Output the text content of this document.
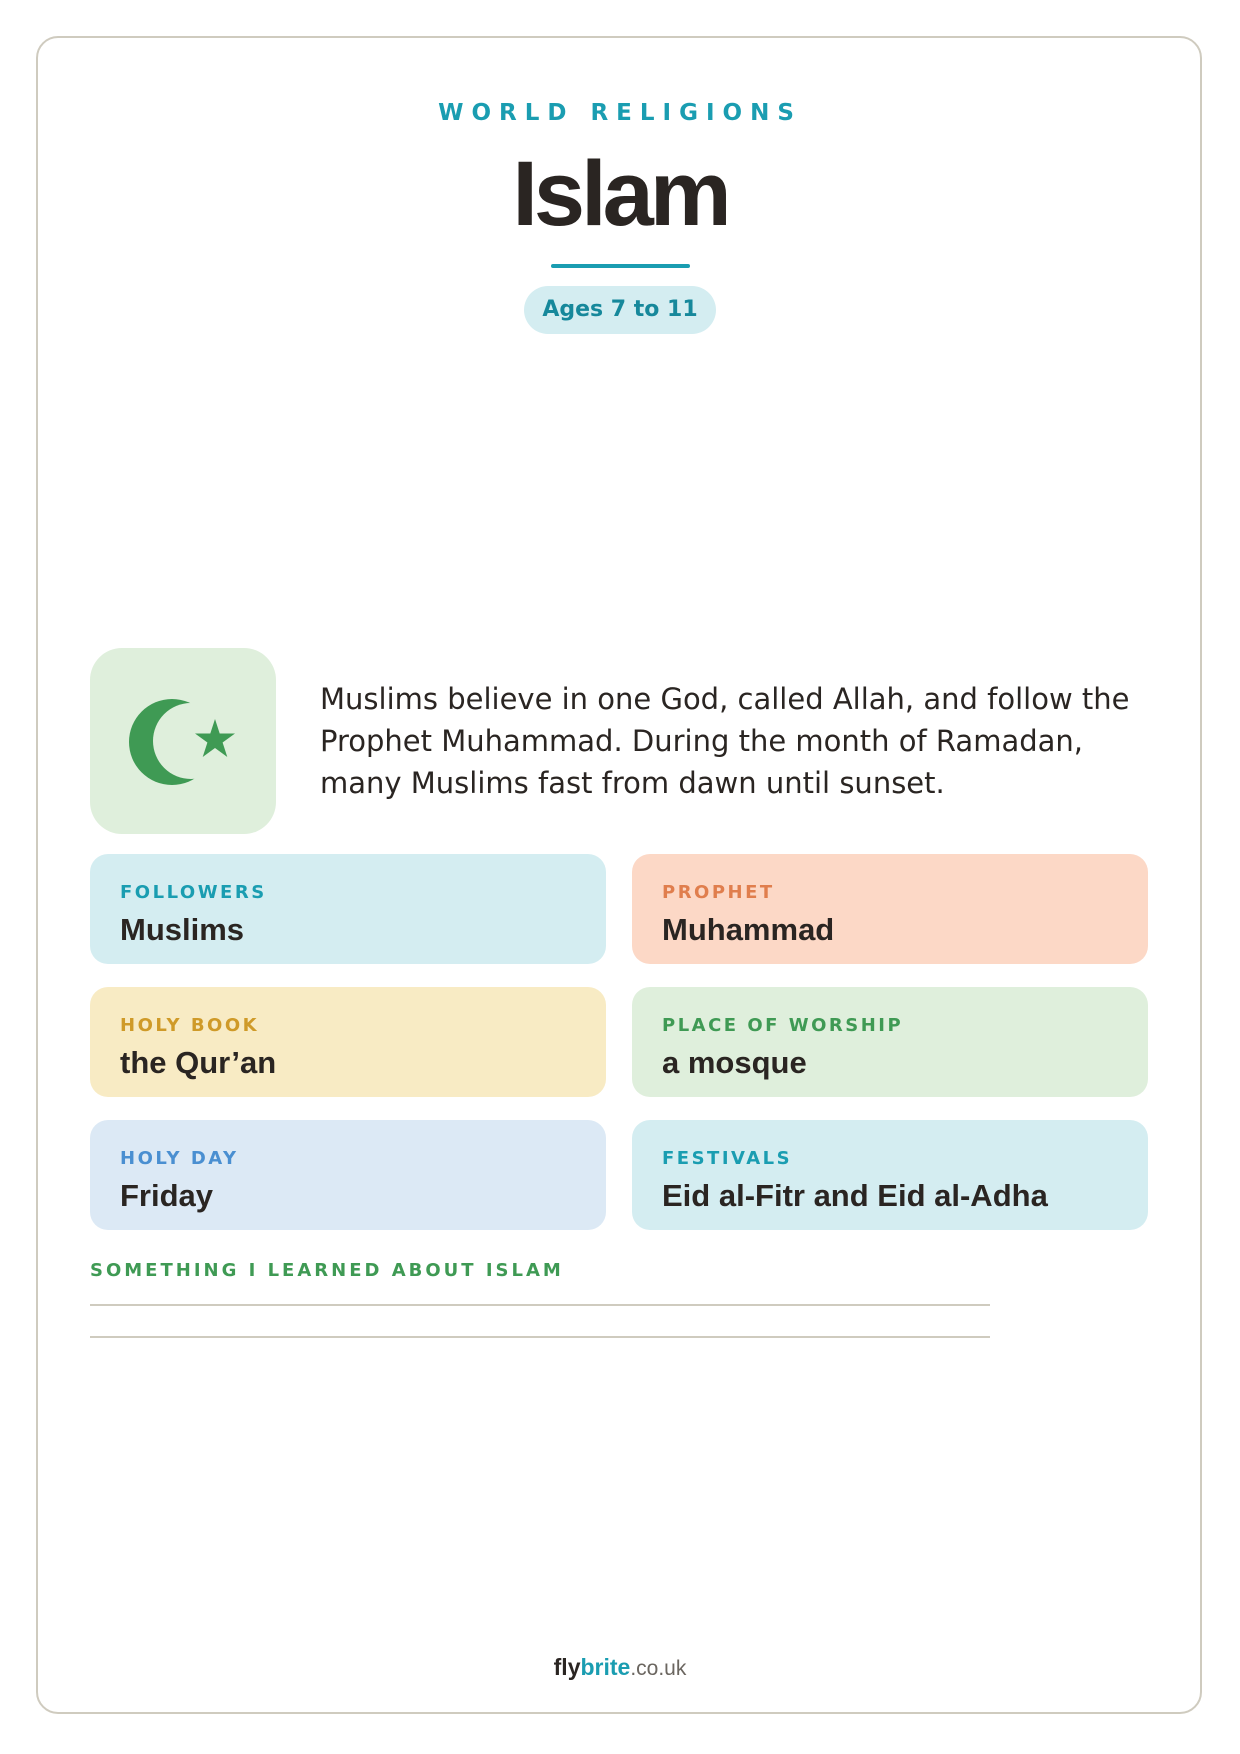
WORLD RELIGIONS
Islam
Ages 7 to 11

Muslims believe in one God, called Allah, and follow the Prophet Muhammad. During the month of Ramadan, many Muslims fast from dawn until sunset.

FOLLOWERS
Muslims
PROPHET
Muhammad
HOLY BOOK
the Qur’an
PLACE OF WORSHIP
a mosque
HOLY DAY
Friday
FESTIVALS
Eid al-Fitr and Eid al-Adha
SOMETHING I LEARNED ABOUT ISLAM
flybrite.co.uk
